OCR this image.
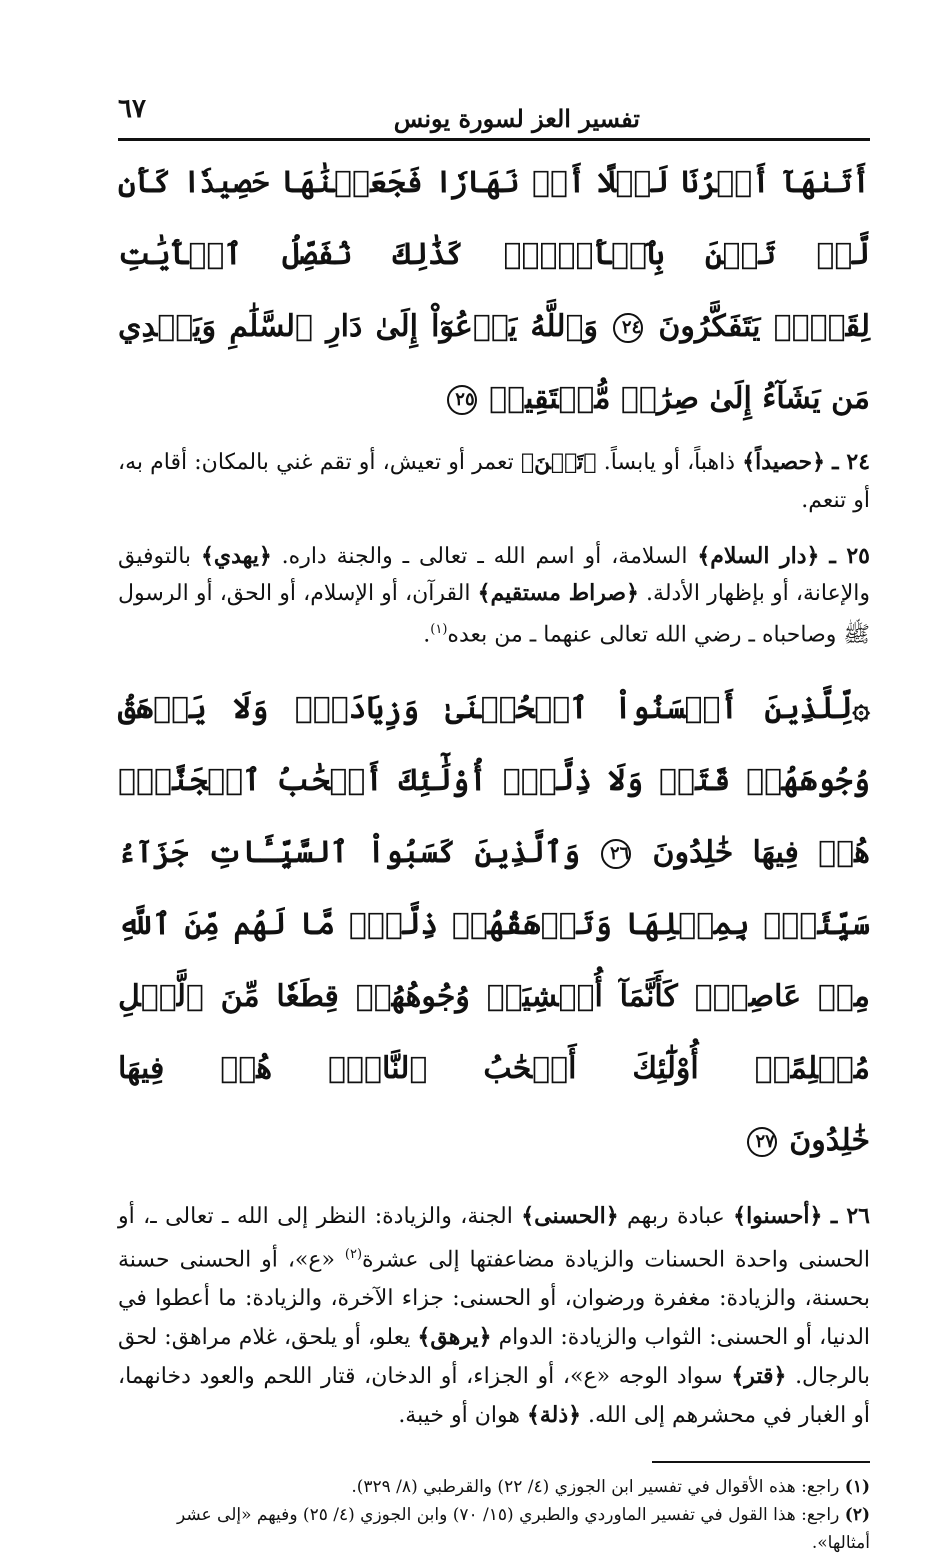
تفسير العز لسورة يونس
٦٧

أَتَىٰهَآ أَمۡرُنَا لَيۡلًا أَوۡ نَهَارٗا فَجَعَلۡنَٰهَا حَصِيدٗا كَأَن لَّمۡ تَغۡنَ بِٱلۡأَمۡسِۚ كَذَٰلِكَ نُفَصِّلُ ٱلۡأٓيَٰتِ

لِقَوۡمٖ يَتَفَكَّرُونَ ٢٤ وَٱللَّهُ يَدۡعُوٓاْ إِلَىٰ دَارِ ٱلسَّلَٰمِ وَيَهۡدِي مَن يَشَآءُ إِلَىٰ صِرَٰطٖ مُّسۡتَقِيمٖ ٢٥

٢٤ ـ ﴿حصيداً﴾ ذاهباً، أو يابساً. ﴿تَغۡنَ﴾ تعمر أو تعيش، أو تقم غني بالمكان: أقام به، أو تنعم.

٢٥ ـ ﴿دار السلام﴾ السلامة، أو اسم الله ـ تعالى ـ والجنة داره. ﴿يهدي﴾ بالتوفيق والإعانة، أو بإظهار الأدلة. ﴿صراط مستقيم﴾ القرآن، أو الإسلام، أو الحق، أو الرسول ﷺ وصاحباه ـ رضي الله تعالى عنهما ـ من بعده$^{(١)}$.

۞لِّلَّذِينَ أَحۡسَنُواْ ٱلۡحُسۡنَىٰ وَزِيَادَةٞۖ وَلَا يَرۡهَقُ وُجُوهَهُمۡ قَتَرٞ وَلَا ذِلَّةٌۚ أُوْلَٰٓئِكَ أَصۡحَٰبُ ٱلۡجَنَّةِۖ

هُمۡ فِيهَا خَٰلِدُونَ ٢٦ وَٱلَّذِينَ كَسَبُواْ ٱلسَّيِّـَٔاتِ جَزَآءُ سَيِّئَةِۭ بِمِثۡلِهَا وَتَرۡهَقُهُمۡ ذِلَّةٞۖ مَّا لَهُم مِّنَ ٱللَّهِ

مِنۡ عَاصِمٖۖ كَأَنَّمَآ أُغۡشِيَتۡ وُجُوهُهُمۡ قِطَعٗا مِّنَ ٱلَّيۡلِ مُظۡلِمًاۚ أُوْلَٰٓئِكَ أَصۡحَٰبُ ٱلنَّارِۖ هُمۡ فِيهَا

خَٰلِدُونَ ٢٧

٢٦ ـ ﴿أحسنوا﴾ عبادة ربهم ﴿الحسنى﴾ الجنة، والزيادة: النظر إلى الله ـ تعالى ـ، أو الحسنى واحدة الحسنات والزيادة مضاعفتها إلى عشرة$^{(٢)}$ «ع»، أو الحسنى حسنة بحسنة، والزيادة: مغفرة ورضوان، أو الحسنى: جزاء الآخرة، والزيادة: ما أعطوا في الدنيا، أو الحسنى: الثواب والزيادة: الدوام ﴿يرهق﴾ يعلو، أو يلحق، غلام مراهق: لحق بالرجال. ﴿قتر﴾ سواد الوجه «ع»، أو الجزاء، أو الدخان، قتار اللحم والعود دخانهما، أو الغبار في محشرهم إلى الله. ﴿ذلة﴾ هوان أو خيبة.

(١) راجع: هذه الأقوال في تفسير ابن الجوزي (٤/ ٢٢) والقرطبي (٨/ ٣٢٩).

(٢) راجع: هذا القول في تفسير الماوردي والطبري (١٥/ ٧٠) وابن الجوزي (٤/ ٢٥) وفيهم «إلى عشر أمثالها».
